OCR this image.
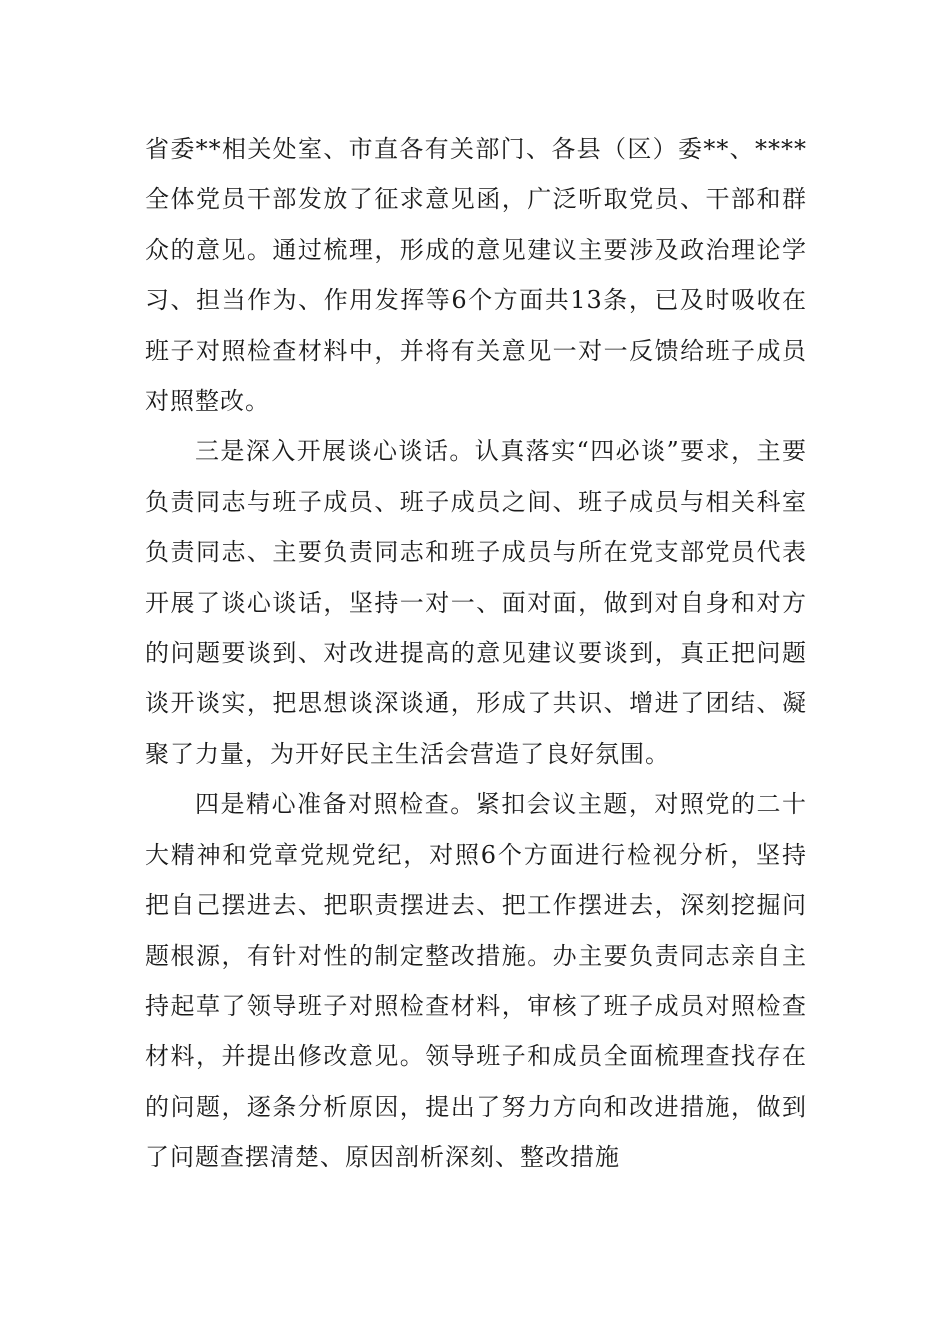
省委**相关处室、市直各有关部门、各县（区）委**、****全体党员干部发放了征求意见函，广泛听取党员、干部和群众的意见。通过梳理，形成的意见建议主要涉及政治理论学习、担当作为、作用发挥等6个方面共13条，已及时吸收在班子对照检查材料中，并将有关意见一对一反馈给班子成员对照整改。

三是深入开展谈心谈话。认真落实“四必谈”要求，主要负责同志与班子成员、班子成员之间、班子成员与相关科室负责同志、主要负责同志和班子成员与所在党支部党员代表开展了谈心谈话，坚持一对一、面对面，做到对自身和对方的问题要谈到、对改进提高的意见建议要谈到，真正把问题谈开谈实，把思想谈深谈通，形成了共识、增进了团结、凝聚了力量，为开好民主生活会营造了良好氛围。

四是精心准备对照检查。紧扣会议主题，对照党的二十大精神和党章党规党纪，对照6个方面进行检视分析，坚持把自己摆进去、把职责摆进去、把工作摆进去，深刻挖掘问题根源，有针对性的制定整改措施。办主要负责同志亲自主持起草了领导班子对照检查材料，审核了班子成员对照检查材料，并提出修改意见。领导班子和成员全面梳理查找存在的问题，逐条分析原因，提出了努力方向和改进措施，做到了问题查摆清楚、原因剖析深刻、整改措施
